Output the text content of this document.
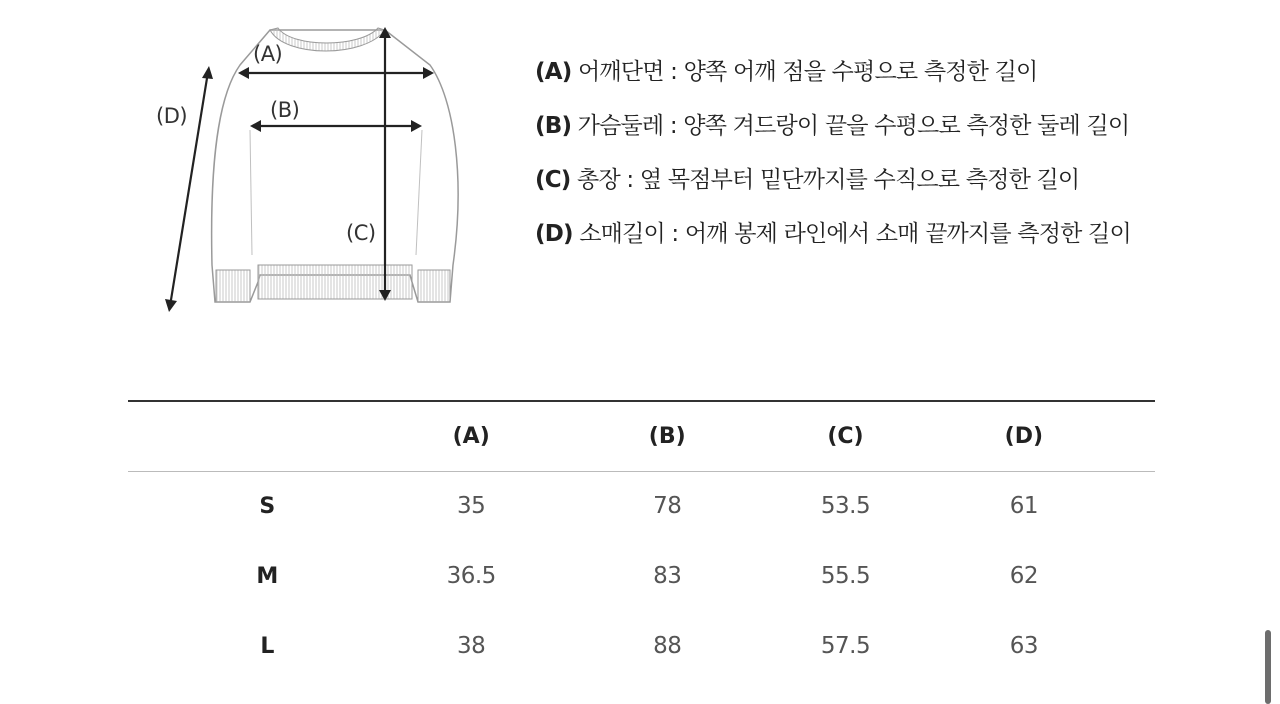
(A)
(B)
(C)
(D)
(A) 어깨단면 : 양쪽 어깨 점을 수평으로 측정한 길이
(B) 가슴둘레 : 양쪽 겨드랑이 끝을 수평으로 측정한 둘레 길이
(C) 총장 : 옆 목점부터 밑단까지를 수직으로 측정한 길이
(D) 소매길이 : 어깨 봉제 라인에서 소매 끝까지를 측정한 길이
	(A)	(B)	(C)	(D)
S	35	78	53.5	61
M	36.5	83	55.5	62
L	38	88	57.5	63
